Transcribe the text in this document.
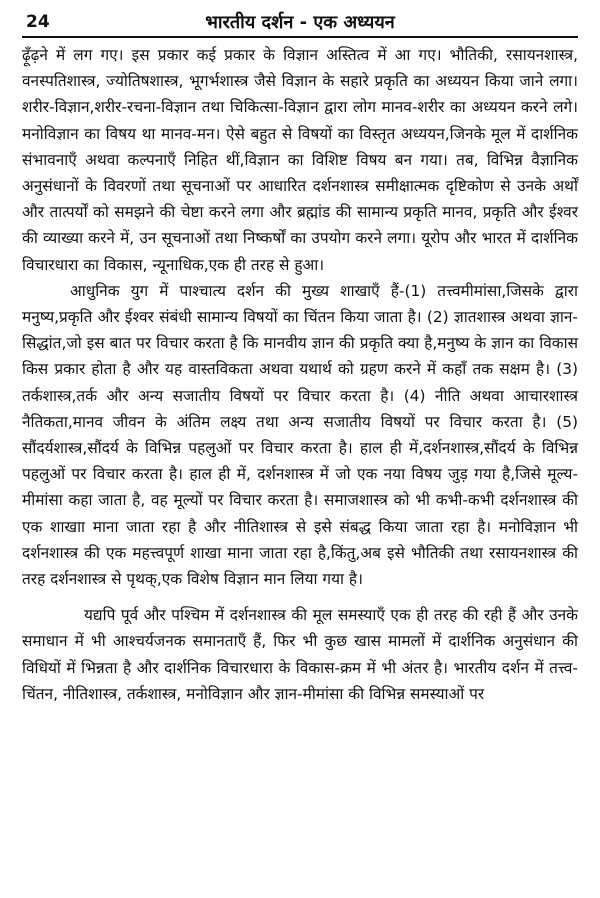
24	भारतीय दर्शन - एक अध्ययन

ढ़ूँढ़ने में लग गए। इस प्रकार कई प्रकार के विज्ञान अस्तित्व में आ गए। भौतिकी, रसायनशास्त्र, वनस्पतिशास्त्र, ज्योतिषशास्त्र, भूगर्भशास्त्र जैसे विज्ञान के सहारे प्रकृति का अध्ययन किया जाने लगा। शरीर-विज्ञान,शरीर-रचना-विज्ञान तथा चिकित्सा-विज्ञान द्वारा लोग मानव-शरीर का अध्ययन करने लगे। मनोविज्ञान का विषय था मानव-मन। ऐसे बहुत से विषयों का विस्तृत अध्ययन,जिनके मूल में दार्शनिक संभावनाएँ अथवा कल्पनाएँ निहित थीं,विज्ञान का विशिष्ट विषय बन गया। तब, विभिन्न वैज्ञानिक अनुसंधानों के विवरणों तथा सूचनाओं पर आधारित दर्शनशास्त्र समीक्षात्मक दृष्टिकोण से उनके अर्थों और तात्पर्यों को समझने की चेष्टा करने लगा और ब्रह्मांड की सामान्य प्रकृति मानव, प्रकृति और ईश्वर की व्याख्या करने में, उन सूचनाओं तथा निष्कर्षों का उपयोग करने लगा। यूरोप और भारत में दार्शनिक विचारधारा का विकास, न्यूनाधिक,एक ही तरह से हुआ।

आधुनिक युग में पाश्चात्य दर्शन की मुख्य शाखाएँ हैं-(1) तत्त्वमीमांसा,जिसके द्वारा मनुष्य,प्रकृति और ईश्वर संबंधी सामान्य विषयों का चिंतन किया जाता है। (2) ज्ञातशास्त्र अथवा ज्ञान-सिद्धांत,जो इस बात पर विचार करता है कि मानवीय ज्ञान की प्रकृति क्या है,मनुष्य के ज्ञान का विकास किस प्रकार होता है और यह वास्तविकता अथवा यथार्थ को ग्रहण करने में कहाँ तक सक्षम है। (3) तर्कशास्त्र,तर्क और अन्य सजातीय विषयों पर विचार करता है। (4) नीति अथवा आचारशास्त्र नैतिकता,मानव जीवन के अंतिम लक्ष्य तथा अन्य सजातीय विषयों पर विचार करता है। (5) सौंदर्यशास्त्र,सौंदर्य के विभिन्न पहलुओं पर विचार करता है। हाल ही में,दर्शनशास्त्र,सौंदर्य के विभिन्न पहलुओं पर विचार करता है। हाल ही में, दर्शनशास्त्र में जो एक नया विषय जुड़ गया है,जिसे मूल्य-मीमांसा कहा जाता है, वह मूल्यों पर विचार करता है। समाजशास्त्र को भी कभी-कभी दर्शनशास्त्र की एक शाखाा माना जाता रहा है और नीतिशास्त्र से इसे संबद्ध किया जाता रहा है। मनोविज्ञान भी दर्शनशास्त्र की एक महत्त्वपूर्ण शाखा माना जाता रहा है,किंतु,अब इसे भौतिकी तथा रसायनशास्त्र की तरह दर्शनशास्त्र से पृथक्,एक विशेष विज्ञान मान लिया गया है।

यद्यपि पूर्व और पश्चिम में दर्शनशास्त्र की मूल समस्याएँ एक ही तरह की रही हैं और उनके समाधान में भी आश्चर्यजनक समानताएँ हैं, फिर भी कुछ खास मामलों में दार्शनिक अनुसंधान की विधियों में भिन्नता है और दार्शनिक विचारधारा के विकास-क्रम में भी अंतर है। भारतीय दर्शन में तत्त्व-चिंतन, नीतिशास्त्र, तर्कशास्त्र, मनोविज्ञान और ज्ञान-मीमांसा की विभिन्न समस्याओं पर
